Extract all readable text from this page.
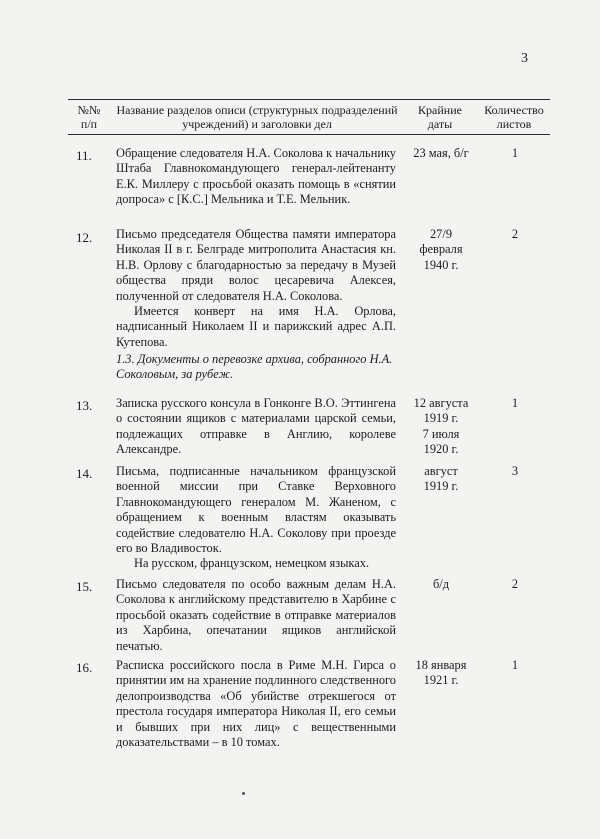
3
№№ п/п
Название разделов описи (структурных подразделений учреждений) и заголовки дел
Крайние даты
Количество листов
11. Обращение следователя Н.А. Соколова к начальнику Штаба Главнокомандующего генерал-лейтенанту Е.К. Миллеру с просьбой оказать помощь в «снятии допроса» с [К.С.] Мельника и Т.Е. Мельник.

23 мая, б/г	1
12. Письмо председателя Общества памяти императора Николая II в г. Белграде митрополита Анастасия кн. Н.В. Орлову с благодарностью за передачу в Музей общества пряди волос цесаревича Алексея, полученной от следователя Н.А. Соколова.

Имеется конверт на имя Н.А. Орлова, надписанный Николаем II и парижский адрес А.П. Кутепова.

27/9
февраля
1940 г.
2
1.3. Документы о перевозке архива, собранного Н.А. Соколовым, за рубеж.
13. Записка русского консула в Гонконге В.О. Эттингена о состоянии ящиков с материалами царской семьи, подлежащих отправке в Англию, королеве Александре.

12 августа
1919 г.
7 июля
1920 г.
1
14. Письма, подписанные начальником французской военной миссии при Ставке Верховного Главнокомандующего генералом М. Жаненом, с обращением к военным властям оказывать содействие следователю Н.А. Соколову при проезде его во Владивосток.

На русском, французском, немецком языках.

август
1919 г.
3
15. Письмо следователя по особо важным делам Н.А. Соколова к английскому представителю в Харбине с просьбой оказать содействие в отправке материалов из Харбина, опечатании ящиков английской печатью.

б/д	2
16. Расписка российского посла в Риме М.Н. Гирса о принятии им на хранение подлинного следственного делопроизводства «Об убийстве отрекшегося от престола государя императора Николая II, его семьи и бывших при них лиц» с вещественными доказательствами – в 10 томах.

18 января
1921 г.
1
